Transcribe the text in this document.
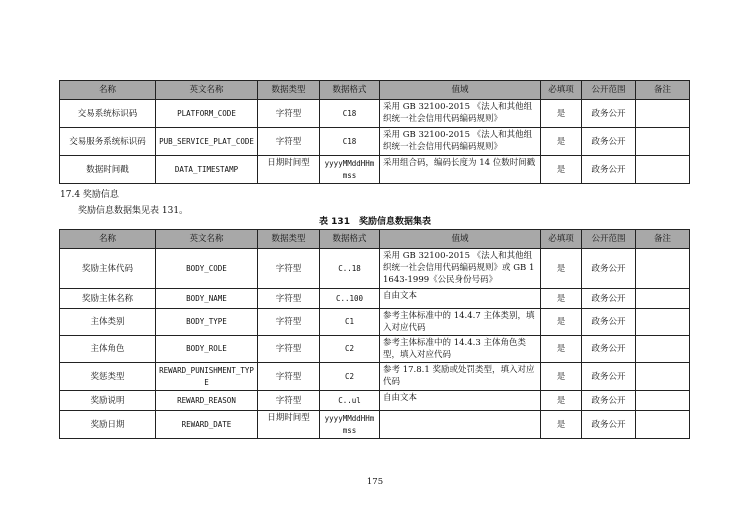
名称	英文名称	数据类型	数据格式	值域	必填项	公开范围	备注
交易系统标识码	PLATFORM_CODE	字符型	C18	采用 GB 32100-2015 《法人和其他组织统一社会信用代码编码规则》	是	政务公开	
交易服务系统标识码	PUB_SERVICE_PLAT_CODE	字符型	C18	采用 GB 32100-2015 《法人和其他组织统一社会信用代码编码规则》	是	政务公开	
数据时间戳	DATA_TIMESTAMP	日期时间型	yyyyMMddHHmmss	采用组合码，编码长度为 14 位数时间戳	是	政务公开	
17.4 奖励信息
奖励信息数据集见表 131。
表 131　奖励信息数据集表
名称	英文名称	数据类型	数据格式	值域	必填项	公开范围	备注
奖励主体代码	BODY_CODE	字符型	C..18	采用 GB 32100-2015 《法人和其他组织统一社会信用代码编码规则》或 GB 11643-1999《公民身份号码》	是	政务公开	
奖励主体名称	BODY_NAME	字符型	C..100	自由文本	是	政务公开	
主体类别	BODY_TYPE	字符型	C1	参考主体标准中的 14.4.7 主体类别，填入对应代码	是	政务公开	
主体角色	BODY_ROLE	字符型	C2	参考主体标准中的 14.4.3 主体角色类型，填入对应代码	是	政务公开	
奖惩类型	REWARD_PUNISHMENT_TYPE	字符型	C2	参考 17.8.1 奖励或处罚类型，填入对应代码	是	政务公开	
奖励说明	REWARD_REASON	字符型	C..ul	自由文本	是	政务公开	
奖励日期	REWARD_DATE	日期时间型	yyyyMMddHHmmss		是	政务公开	
175
